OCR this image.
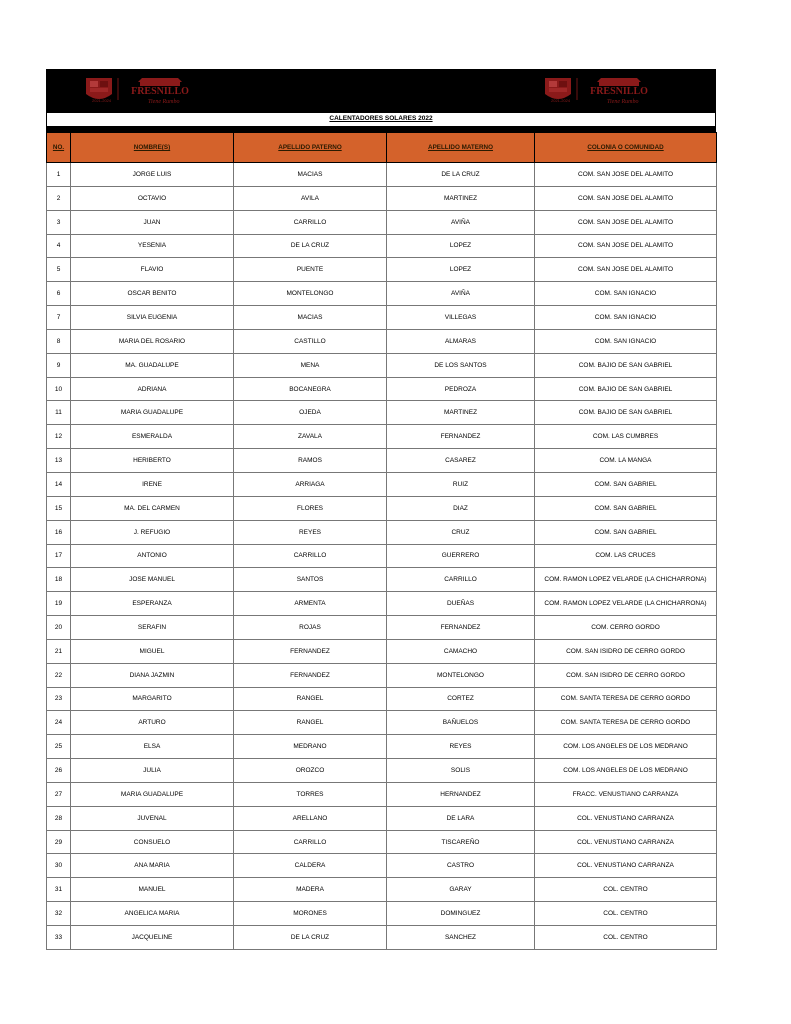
FRESNILLO
2021-2024	Tiene Rumbo
FRESNILLO
2021-2024	Tiene Rumbo
CALENTADORES SOLARES 2022
NO.	NOMBRE(S)	APELLIDO PATERNO	APELLIDO MATERNO	COLONIA O COMUNIDAD
1	JORGE LUIS	MACIAS	DE LA CRUZ	COM. SAN JOSE DEL ALAMITO
2	OCTAVIO	AVILA	MARTINEZ	COM. SAN JOSE DEL ALAMITO
3	JUAN	CARRILLO	AVIÑA	COM. SAN JOSE DEL ALAMITO
4	YESENIA	DE LA CRUZ	LOPEZ	COM. SAN JOSE DEL ALAMITO
5	FLAVIO	PUENTE	LOPEZ	COM. SAN JOSE DEL ALAMITO
6	OSCAR BENITO	MONTELONGO	AVIÑA	COM. SAN IGNACIO
7	SILVIA EUGENIA	MACIAS	VILLEGAS	COM. SAN IGNACIO
8	MARIA DEL ROSARIO	CASTILLO	ALMARAS	COM. SAN IGNACIO
9	MA. GUADALUPE	MENA	DE LOS SANTOS	COM. BAJIO DE SAN GABRIEL
10	ADRIANA	BOCANEGRA	PEDROZA	COM. BAJIO DE SAN GABRIEL
11	MARIA GUADALUPE	OJEDA	MARTINEZ	COM. BAJIO DE SAN GABRIEL
12	ESMERALDA	ZAVALA	FERNANDEZ	COM. LAS CUMBRES
13	HERIBERTO	RAMOS	CASAREZ	COM. LA MANGA
14	IRENE	ARRIAGA	RUIZ	COM. SAN GABRIEL
15	MA. DEL CARMEN	FLORES	DIAZ	COM. SAN GABRIEL
16	J. REFUGIO	REYES	CRUZ	COM. SAN GABRIEL
17	ANTONIO	CARRILLO	GUERRERO	COM. LAS CRUCES
18	JOSE MANUEL	SANTOS	CARRILLO	COM. RAMON LOPEZ VELARDE (LA CHICHARRONA)
19	ESPERANZA	ARMENTA	DUEÑAS	COM. RAMON LOPEZ VELARDE (LA CHICHARRONA)
20	SERAFIN	ROJAS	FERNANDEZ	COM. CERRO GORDO
21	MIGUEL	FERNANDEZ	CAMACHO	COM. SAN ISIDRO DE CERRO GORDO
22	DIANA JAZMIN	FERNANDEZ	MONTELONGO	COM. SAN ISIDRO DE CERRO GORDO
23	MARGARITO	RANGEL	CORTEZ	COM. SANTA TERESA DE CERRO GORDO
24	ARTURO	RANGEL	BAÑUELOS	COM. SANTA TERESA DE CERRO GORDO
25	ELSA	MEDRANO	REYES	COM. LOS ANGELES DE LOS MEDRANO
26	JULIA	OROZCO	SOLIS	COM. LOS ANGELES DE LOS MEDRANO
27	MARIA GUADALUPE	TORRES	HERNANDEZ	FRACC. VENUSTIANO CARRANZA
28	JUVENAL	ARELLANO	DE LARA	COL. VENUSTIANO CARRANZA
29	CONSUELO	CARRILLO	TISCAREÑO	COL. VENUSTIANO CARRANZA
30	ANA MARIA	CALDERA	CASTRO	COL. VENUSTIANO CARRANZA
31	MANUEL	MADERA	GARAY	COL. CENTRO
32	ANGELICA MARIA	MORONES	DOMINGUEZ	COL. CENTRO
33	JACQUELINE	DE LA CRUZ	SANCHEZ	COL. CENTRO
